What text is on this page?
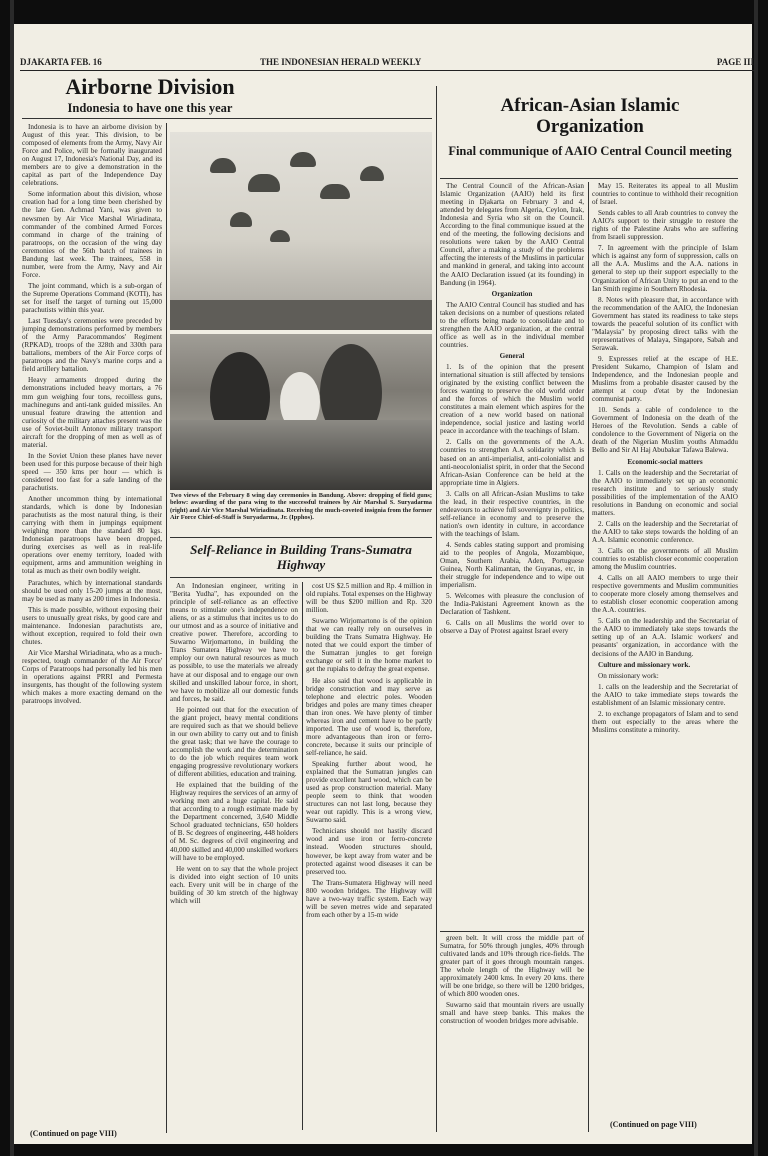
DJAKARTA FEB. 16	THE INDONESIAN HERALD WEEKLY	PAGE III
Airborne Division
Indonesia to have one this year

Indonesia is to have an airborne division by August of this year. This division, to be composed of elements from the Army, Navy Air Force and Police, will be formally inaugurated on August 17, Indonesia's National Day, and its members are to give a demonstration in the capital as part of the Independence Day celebrations.

Some information about this division, whose creation had for a long time been cherished by the late Gen. Achmad Yani, was given to newsmen by Air Vice Marshal Wiriadinata, commander of the combined Armed Forces command in charge of the training of paratroops, on the occasion of the wing day ceremonies of the 56th batch of trainees in Bandung last week. The trainees, 558 in number, were from the Army, Navy and Air Force.

The joint command, which is a sub-organ of the Supreme Operations Command (KOTI), has set for itself the target of turning out 15,000 parachutists within this year.

Last Tuesday's ceremonies were preceded by jumping demonstrations performed by members of the Army Paracommandos' Regiment (RPKAD), troops of the 328th and 330th para battalions, members of the Air Force corps of paratroops and the Navy's marine corps and a field artillery battalion.

Heavy armaments dropped during the demonstrations included heavy mortars, a 76 mm gun weighing four tons, recoilless guns, machineguns and anti-tank guided missiles. An unusual feature drawing the attention and curiosity of the military attaches present was the use of Soviet-built Antonov military transport aircraft for the dropping of men as well as of material.

In the Soviet Union these planes have never been used for this purpose because of their high speed — 350 kms per hour — which is considered too fast for a safe landing of the parachutists.

Another uncommon thing by international standards, which is done by Indonesian parachutists as the most natural thing, is their carrying with them in jumpings equipment weighing more than the standard 80 kgs. Indonesian paratroops have been dropped, during exercises as well as in real-life operations over enemy territory, loaded with equipment, arms and ammunition weighing in total as much as their own bodily weight.

Parachutes, which by international standards should be used only 15-20 jumps at the most, may be used as many as 200 times in Indonesia.

This is made possible, without exposing their users to unusually great risks, by good care and maintenance. Indonesian parachutists are, without exception, required to fold their own chutes.

Air Vice Marshal Wiriadinata, who as a much-respected, tough commander of the Air Force' Corps of Paratroops had personally led his men in operations against PRRI and Permesta insurgents, has thought of the following system which makes a more exacting demand on the paratroops involved.

(Continued on page VIII)
Two views of the February 8 wing day ceremonies in Bandung. Above: dropping of field guns; below: awarding of the para wing to the successful trainees by Air Marshal S. Suryadarma (right) and Air Vice Marshal Wiriadinata. Receiving the much-coveted insignia from the former Air Force Chief-of-Staff is Suryadarma, Jr. (Ipphos).
Self-Reliance in Building Trans-Sumatra Highway

An Indonesian engineer, writing in "Berita Yudha", has expounded on the principle of self-reliance as an effective means to stimulate one's independence on aliens, or as a stimulus that incites us to do our utmost and as a source of initiative and creative power. Therefore, according to Suwarno Wirjomartono, in building the Trans Sumatera Highway we have to employ our own natural resources as much as possible, to use the materials we already have at our disposal and to engage our own skilled and unskilled labour force, in short, we have to mobilize all our domestic funds and forces, he said.

He pointed out that for the execution of the giant project, heavy mental conditions are required such as that we should believe in our own ability to carry out and to finish the great task; that we have the courage to accomplish the work and the determination to do the job which requires team work engaging progressive revolutionary workers of different abilities, education and training.

He explained that the building of the Highway requires the services of an army of working men and a huge capital. He said that according to a rough estimate made by the Department concerned, 3,640 Middle School graduated technicians, 650 holders of B. Sc degrees of engineering, 448 holders of M. Sc. degrees of civil engineering and 40,000 skilled and 40,000 unskilled workers will have to be employed.

He went on to say that the whole project is divided into eight section of 10 units each. Every unit will be in charge of the building of 30 km stretch of the highway which will

cost US $2.5 million and Rp. 4 million in old rupiahs. Total expenses on the Highway will be thus $200 million and Rp. 320 million.

Suwarno Wirjomartono is of the opinion that we can really rely on ourselves in building the Trans Sumatra Highway. He noted that we could export the timber of the Sumatran jungles to get foreign exchange or sell it in the home market to get the rupiahs to defray the great expense.

He also said that wood is applicable in bridge construction and may serve as telephone and electric poles. Wooden bridges and poles are many times cheaper than iron ones. We have plenty of timber whereas iron and cement have to be partly imported. The use of wood is, therefore, more advantageous than iron or ferro-concrete, because it suits our principle of self-reliance, he said.

Speaking further about wood, he explained that the Sumatran jungles can provide excellent hard wood, which can be used as prop construction material. Many people seem to think that wooden structures can not last long, because they wear out rapidly. This is a wrong view, Suwarno said.

Technicians should not hastily discard wood and use iron or ferro-concrete instead. Wooden structures should, however, be kept away from water and be protected against wood diseases it can be preserved too.

The Trans-Sumatera Highway will need 800 wooden bridges. The Highway will have a two-way traffic system. Each way will be seven metres wide and separated from each other by a 15-m wide

African-Asian Islamic
Organization
Final communique of AAIO Central Council meeting

The Central Council of the African-Asian Islamic Organization (AAIO) held its first meeting in Djakarta on February 3 and 4, attended by delegates from Algeria, Ceylon, Irak, Indonesia and Syria who sit on the Council. According to the final communique issued at the end of the meeting, the following decisions and resolutions were taken by the AAIO Central Council, after a making a study of the problems affecting the interests of the Muslims in particular and mankind in general, and taking into account the AAIO Declaration issued (at its founding) in Bandung (in 1964).

Organization

The AAIO Central Council has studied and has taken decisions on a number of questions related to the efforts being made to consolidate and to strengthen the AAIO organization, at the central office as well as in the individual member countries.

General

1. Is of the opinion that the present international situation is still affected by tensions originated by the existing conflict between the forces wanting to preserve the old world order and the forces of which the Muslim world constitutes a main element which aspires for the creation of a new world based on national independence, social justice and lasting world peace in accordance with the teachings of Islam.

2. Calls on the governments of the A.A. countries to strengthen A.A solidarity which is based on an anti-imperialist, anti-colonialist and anti-neocolonialist spirit, in order that the Second African-Asian Conference can be held at the appropriate time in Algiers.

3. Calls on all African-Asian Muslims to take the lead, in their respective countries, in the endeavours to achieve full sovereignty in politics, self-reliance in economy and to preserve the nation's own identity in culture, in accordance with the teachings of Islam.

4. Sends cables stating support and promising aid to the peoples of Angola, Mozambique, Oman, Southern Arabia, Aden, Portuguese Guinea, North Kalimantan, the Guyanas, etc, in their struggle for independence and to wipe out imperialism.

5. Welcomes with pleasure the conclusion of the India-Pakistani Agreement known as the Declaration of Tashkent.

6. Calls on all Muslims the world over to observe a Day of Protest against Israel every

May 15. Reiterates its appeal to all Muslim countries to continue to withhold their recognition of Israel.

Sends cables to all Arab countries to convey the AAIO's support to their struggle to restore the rights of the Palestine Arabs who are suffering from Israeli suppression.

7. In agreement with the principle of Islam which is against any form of suppression, calls on all the A.A. Muslims and the A.A. nations in general to step up their support especially to the Organization of African Unity to put an end to the Ian Smith regime in Southern Rhodesia.

8. Notes with pleasure that, in accordance with the recommendation of the AAIO, the Indonesian Government has stated its readiness to take steps towards the peaceful solution of its conflict with "Malaysia" by proposing direct talks with the representatives of Malaya, Singapore, Sabah and Serawak.

9. Expresses relief at the escape of H.E. President Sukarno, Champion of Islam and Independence, and the Indonesian people and Muslims from a probable disaster caused by the attempt at coup d'etat by the Indonesian communist party.

10. Sends a cable of condolence to the Government of Indonesia on the death of the Heroes of the Revolution. Sends a cable of condolence to the Government of Nigeria on the death of the Nigerian Muslim youths Ahmaddu Bello and Sir Al Haj Abubakar Tafawa Balewa.

Economic-social matters

1. Calls on the leadership and the Secretariat of the AAIO to immediately set up an economic research institute and to seriously study possibilities of the implementation of the AAIO resolutions in Bandung on economic and social matters.

2. Calls on the leadership and the Secretariat of the AAIO to take steps towards the holding of an A.A. Islamic economic conference.

3. Calls on the governments of all Muslim countries to establish closer economic cooperation among the Muslim countries.

4. Calls on all AAIO members to urge their respective governments and Muslim communities to cooperate more closely among themselves and to establish closer economic cooperation among the A.A. countries.

5. Calls on the leadership and the Secretariat of the AAIO to immediately take steps towards the setting up of an A.A. Islamic workers' and peasants' organization, in accordance with the decisions of the AAIO in Bandung.

Culture and missionary work.

On missionary work:

1. calls on the leadership and the Secretariat of the AAIO to take immediate steps towards the establishment of an Islamic missionary centre.

2. to exchange propagators of Islam and to send them out especially to the areas where the Muslims constitute a minority.

(Continued on page VIII)

green belt. It will cross the middle part of Sumatra, for 50% through jungles, 40% through cultivated lands and 10% through rice-fields. The greater part of it goes through mountain ranges. The whole length of the Highway will be approximately 2400 kms. In every 20 kms. there will be one bridge, so there will be 1200 bridges, of which 800 wooden ones.

Suwarno said that mountain rivers are usually small and have steep banks. This makes the construction of wooden bridges more advisable.
